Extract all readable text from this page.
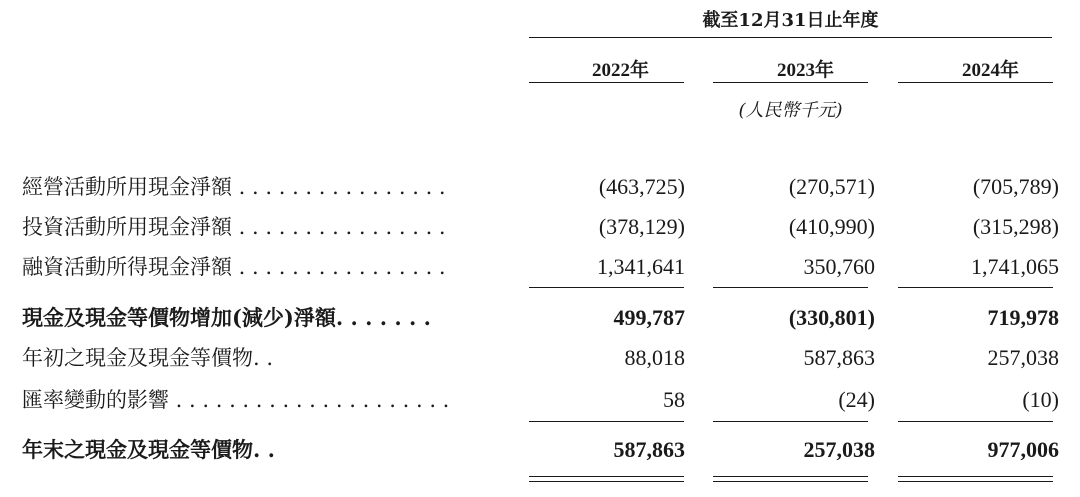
截至12月31日止年度
2022年	2023年	2024年
(人民幣千元)
經營活動所用現金淨額 . . . . . . . . . . . . . . . .	(463,725)	(270,571)	(705,789)
投資活動所用現金淨額 . . . . . . . . . . . . . . . .	(378,129)	(410,990)	(315,298)
融資活動所得現金淨額 . . . . . . . . . . . . . . . .	1,341,641	350,760	1,741,065
現金及現金等價物增加(減少)淨額. . . . . . .	499,787	(330,801)	719,978
年初之現金及現金等價物. .	88,018	587,863	257,038
匯率變動的影響 . . . . . . . . . . . . . . . . . . . . .	58	(24)	(10)
年末之現金及現金等價物. .	587,863	257,038	977,006
